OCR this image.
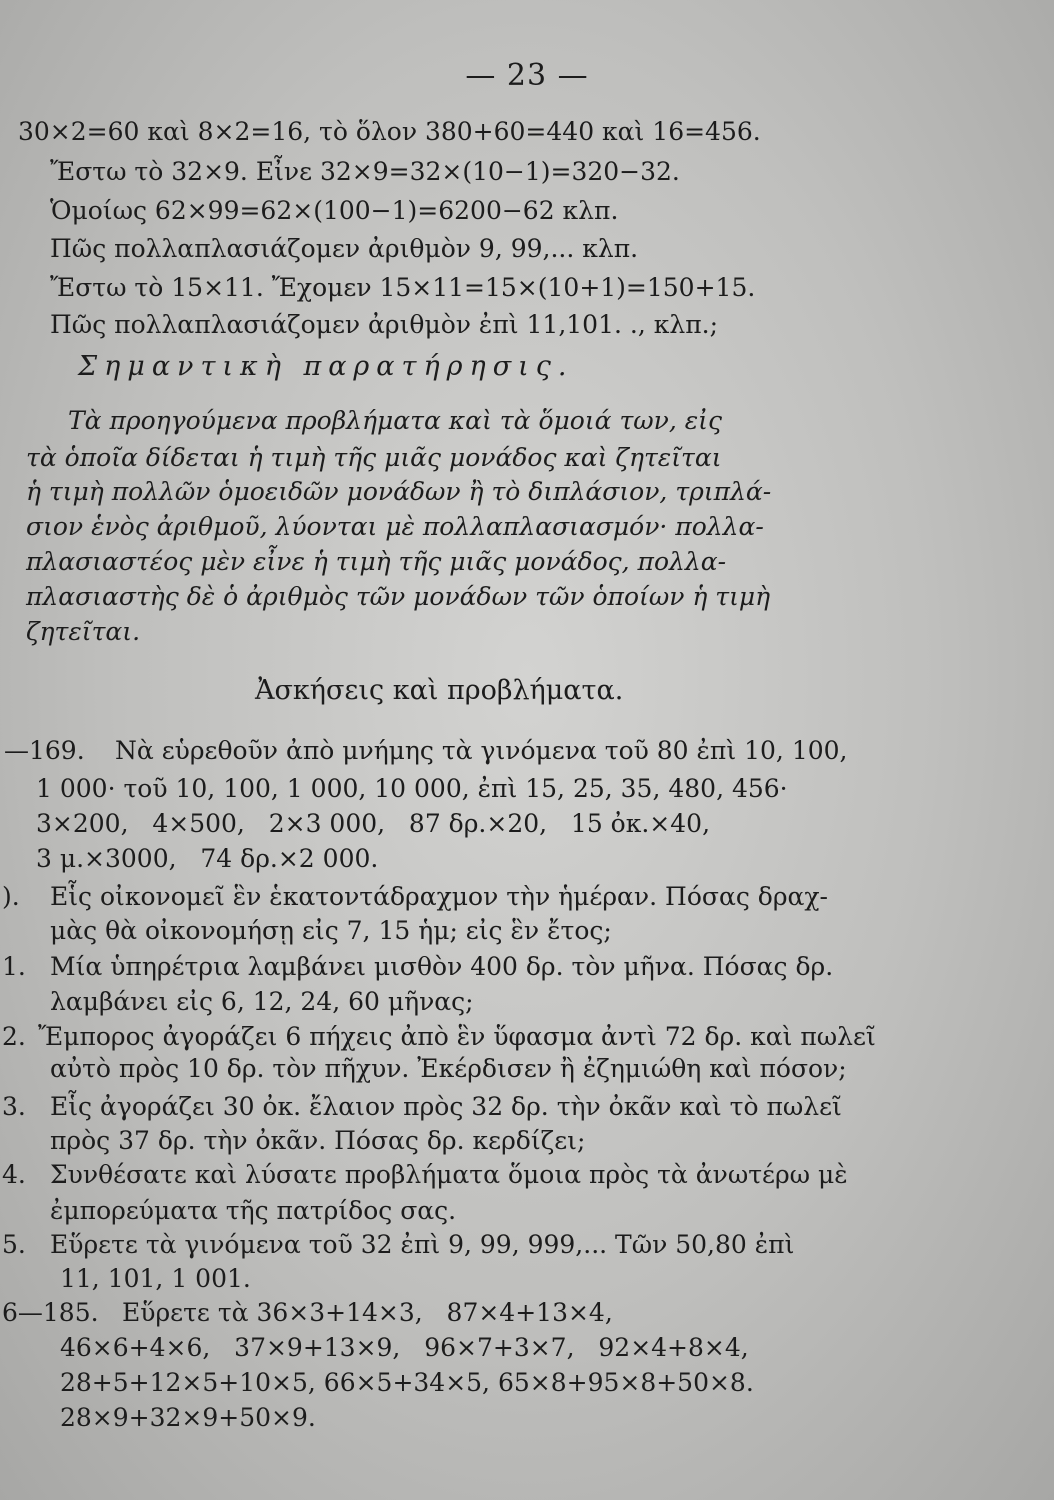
— 23 —
30×2=60 καὶ 8×2=16, τὸ ὅλον 380+60=440 καὶ 16=456.
Ἔστω τὸ 32×9. Εἶνε 32×9=32×(10−1)=320−32.
Ὁμοίως 62×99=62×(100−1)=6200−62 κλπ.
Πῶς πολλαπλασιάζομεν ἀριθμὸν 9, 99,... κλπ.
Ἔστω τὸ 15×11. Ἔχομεν 15×11=15×(10+1)=150+15.
Πῶς πολλαπλασιάζομεν ἀριθμὸν ἐπὶ 11,101. ., κλπ.;
Σημαντικὴ παρατήρησις.
Τὰ προηγούμενα προβλήματα καὶ τὰ ὅμοιά των, εἰς
τὰ ὁποῖα δίδεται ἡ τιμὴ τῆς μιᾶς μονάδος καὶ ζητεῖται
ἡ τιμὴ πολλῶν ὁμοειδῶν μονάδων ἢ τὸ διπλάσιον, τριπλά-
σιον ἑνὸς ἀριθμοῦ, λύονται μὲ πολλαπλασιασμόν· πολλα-
πλασιαστέος μὲν εἶνε ἡ τιμὴ τῆς μιᾶς μονάδος, πολλα-
πλασιαστὴς δὲ ὁ ἀριθμὸς τῶν μονάδων τῶν ὁποίων ἡ τιμὴ
ζητεῖται.
Ἀσκήσεις καὶ προβλήματα.
—169. Νὰ εὑρεθοῦν ἀπὸ μνήμης τὰ γινόμενα τοῦ 80 ἐπὶ 10, 100,
1 000· τοῦ 10, 100, 1 000, 10 000, ἐπὶ 15, 25, 35, 480, 456·
3×200,   4×500,   2×3 000,   87 δρ.×20,   15 ὀκ.×40,
3 μ.×3000,   74 δρ.×2 000.
). Εἷς οἰκονομεῖ ἓν ἑκατοντάδραχμον τὴν ἡμέραν. Πόσας δραχ-
μὰς θὰ οἰκονομήσῃ εἰς 7, 15 ἡμ; εἰς ἓν ἔτος;
1. Μία ὑπηρέτρια λαμβάνει μισθὸν 400 δρ. τὸν μῆνα. Πόσας δρ.
λαμβάνει εἰς 6, 12, 24, 60 μῆνας;
2. Ἔμπορος ἀγοράζει 6 πήχεις ἀπὸ ἓν ὕφασμα ἀντὶ 72 δρ. καὶ πωλεῖ
αὐτὸ πρὸς 10 δρ. τὸν πῆχυν. Ἐκέρδισεν ἢ ἐζημιώθη καὶ πόσον;
3. Εἷς ἀγοράζει 30 ὀκ. ἔλαιον πρὸς 32 δρ. τὴν ὀκᾶν καὶ τὸ πωλεῖ
πρὸς 37 δρ. τὴν ὀκᾶν. Πόσας δρ. κερδίζει;
4. Συνθέσατε καὶ λύσατε προβλήματα ὅμοια πρὸς τὰ ἀνωτέρω μὲ
ἐμπορεύματα τῆς πατρίδος σας.
5. Εὕρετε τὰ γινόμενα τοῦ 32 ἐπὶ 9, 99, 999,... Τῶν 50,80 ἐπὶ
11, 101, 1 001.
6—185. Εὕρετε τὰ 36×3+14×3,   87×4+13×4,
46×6+4×6,   37×9+13×9,   96×7+3×7,   92×4+8×4,
28+5+12×5+10×5, 66×5+34×5, 65×8+95×8+50×8.
28×9+32×9+50×9.
